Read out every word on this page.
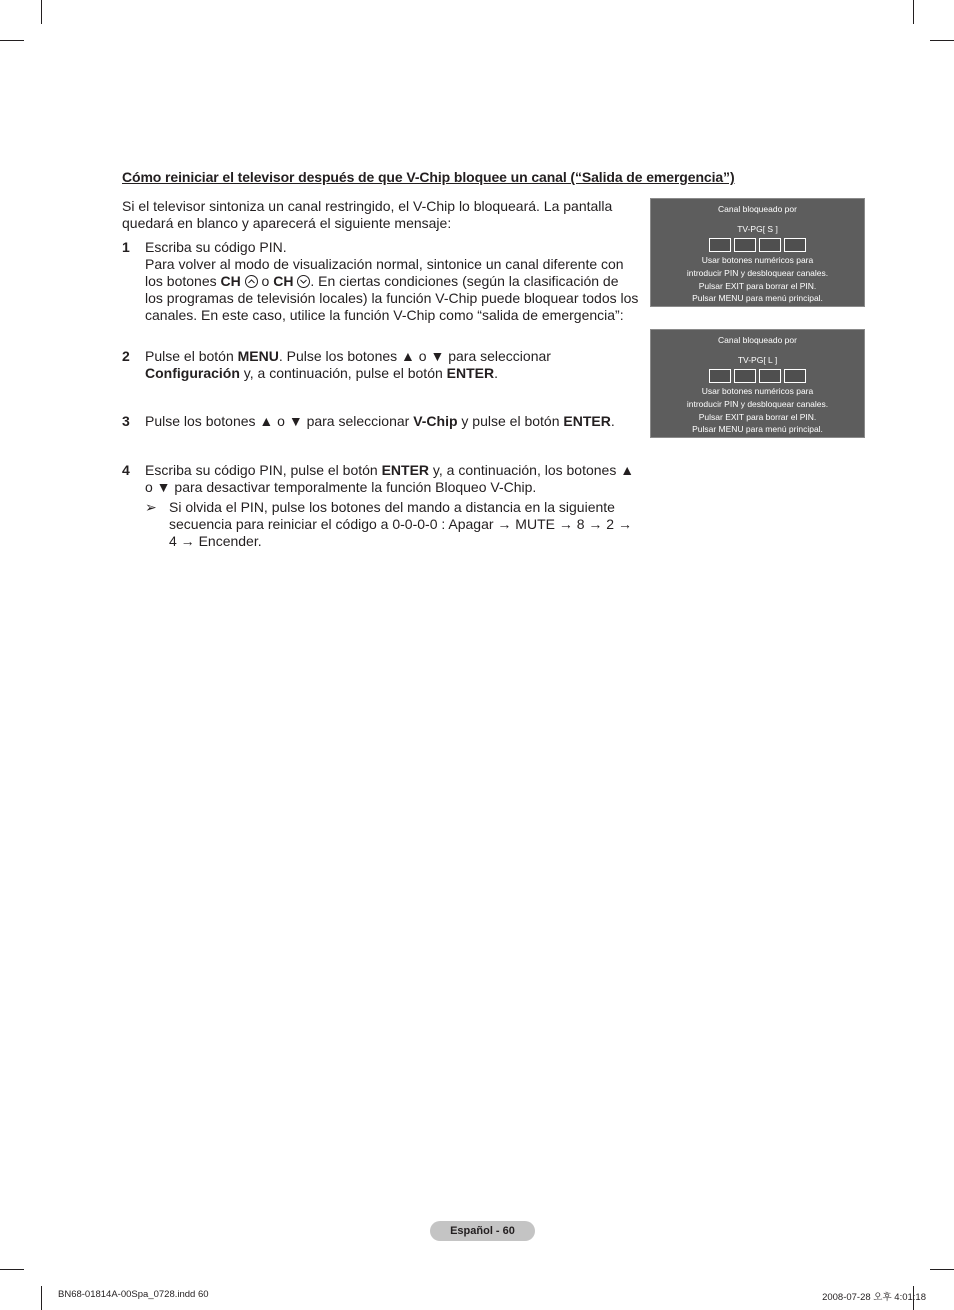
Cómo reiniciar el televisor después de que V-Chip bloquee un canal (“Salida de emergencia”)
Si el televisor sintoniza un canal restringido, el V-Chip lo bloqueará. La pantalla quedará en blanco y aparecerá el siguiente mensaje:
1 Escriba su código PIN.

Para volver al modo de visualización normal, sintonice un canal diferente con los botones CH
o CH . En ciertas condiciones (según la clasificación de los programas de televisión locales) la función V-Chip puede bloquear todos los canales. En este caso, utilice la función V-Chip como “salida de emergencia”:

2 Pulse el botón MENU. Pulse los botones ▲ o ▼ para seleccionar Configuración y, a continuación, pulse el botón ENTER.

3 Pulse los botones ▲ o ▼ para seleccionar V-Chip y pulse el botón ENTER.

4 Escriba su código PIN, pulse el botón ENTER y, a continuación, los botones ▲ o ▼ para desactivar temporalmente la función Bloqueo V-Chip.

➢ Si olvida el PIN, pulse los botones del mando a distancia en la siguiente secuencia para reiniciar el código a 0-0-0-0 : Apagar → MUTE → 8 → 2 → 4 → Encender.
Canal bloqueado por
TV-PG[ S ]
Usar botones numéricos para
introducir PIN y desbloquear canales.
Pulsar EXIT para borrar el PIN.
Pulsar MENU para menú principal.
Canal bloqueado por
TV-PG[ L ]
Usar botones numéricos para
introducir PIN y desbloquear canales.
Pulsar EXIT para borrar el PIN.
Pulsar MENU para menú principal.
Español - 60
BN68-01814A-00Spa_0728.indd 60	2008-07-28 오후 4:01:18
